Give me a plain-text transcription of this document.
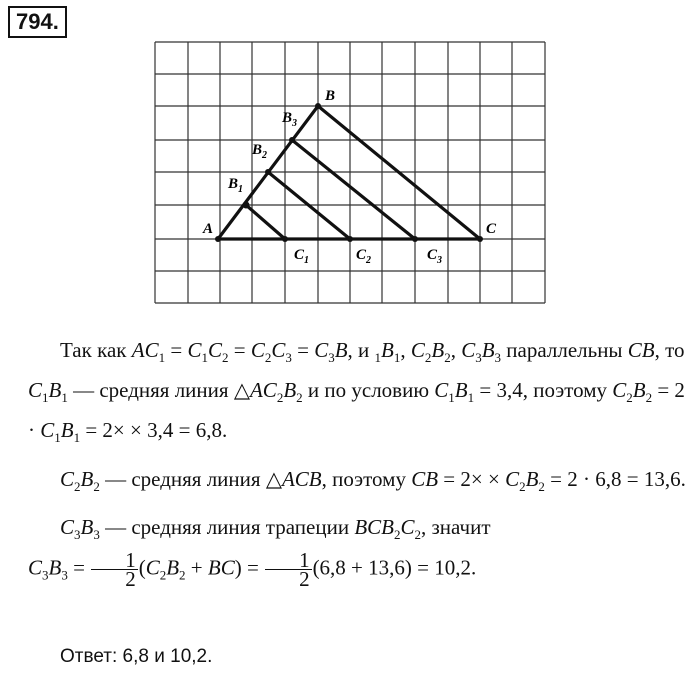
794.
A
B
C
$B_1$
$B_2$
$B_3$
$C_1$	$C_2$	$C_3$

Так как $AC_1 = C_1C_2 = C_2C_3 = C_3B$, и $_1B_1$, $C_2B_2$, $C_3B_3$ параллельны CB, то $C_1B_1$ — средняя линия $\triangle AC_2B_2$ и по условию $C_1B_1 = 3,4$, поэтому $C_2B_2 = 2 \cdot C_1B_1 = 2\times \times 3,4 = 6,8$.

$C_2B_2$ — средняя линия △ACB, поэтому CB = $2\times \times C_2B_2 = 2 \cdot 6,8 = 13,6$.

$C_3B_3$ — средняя линия трапеции $BCB_2C_2$, значит
$C_3B_3 = \frac{1}{2} (C_2B_2 + BC) = \frac{1}{2} (6,8 + 13,6) = 10,2$.

Ответ: 6,8 и 10,2.
